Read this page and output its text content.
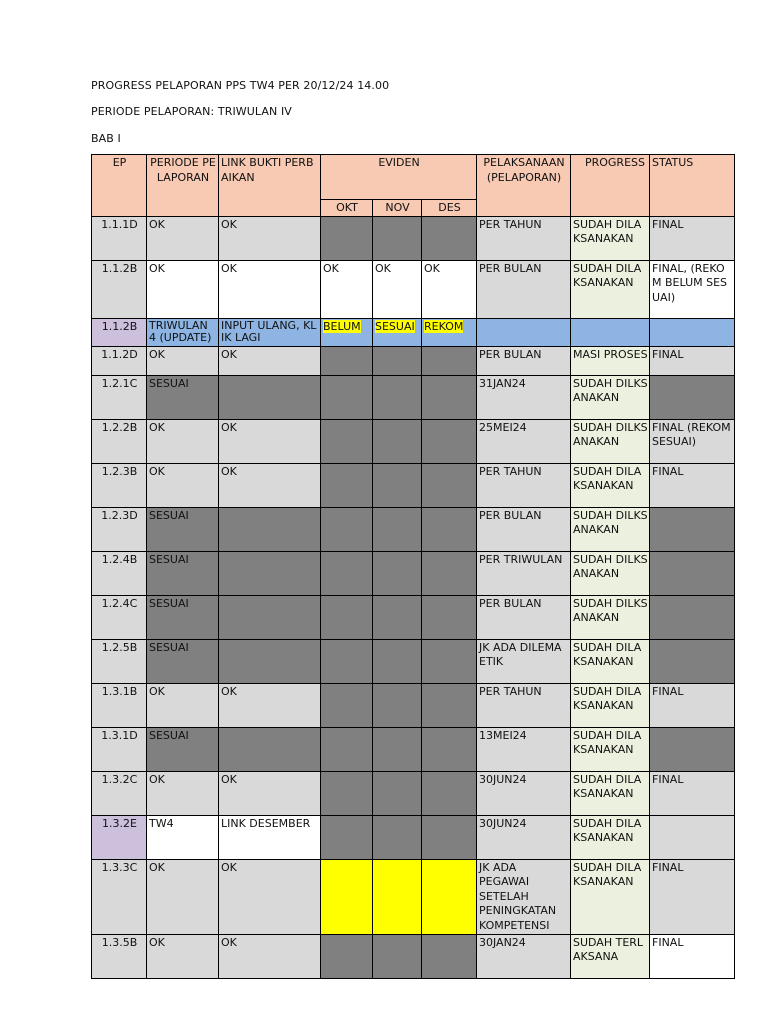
PROGRESS PELAPORAN PPS TW4 PER 20/12/24 14.00
PERIODE PELAPORAN: TRIWULAN IV
BAB I
EP	PERIODE PELAPORAN	LINK BUKTI PERBAIKAN	EVIDEN			PELAKSANAAN (PELAPORAN)	PROGRESS	STATUS
			OKT	NOV	DES			
1.1.1D	OK	OK				PER TAHUN	SUDAH DILAKSANAKAN	FINAL
1.1.2B	OK	OK	OK	OK	OK	PER BULAN	SUDAH DILAKSANAKAN	FINAL, (REKOM BELUM SESUAI)
1.1.2B	TRIWULAN 4 (UPDATE)	INPUT ULANG, KLIK LAGI	BELUM	SESUAI	REKOM			
1.1.2D	OK	OK				PER BULAN	MASI PROSES	FINAL
1.2.1C	SESUAI					31JAN24	SUDAH DILKSANAKAN	
1.2.2B	OK	OK				25MEI24	SUDAH DILKSANAKAN	FINAL (REKOM SESUAI)
1.2.3B	OK	OK				PER TAHUN	SUDAH DILAKSANAKAN	FINAL
1.2.3D	SESUAI					PER BULAN	SUDAH DILKSANAKAN	
1.2.4B	SESUAI					PER TRIWULAN	SUDAH DILKSANAKAN	
1.2.4C	SESUAI					PER BULAN	SUDAH DILKSANAKAN	
1.2.5B	SESUAI					JK ADA DILEMA ETIK	SUDAH DILAKSANAKAN	
1.3.1B	OK	OK				PER TAHUN	SUDAH DILAKSANAKAN	FINAL
1.3.1D	SESUAI					13MEI24	SUDAH DILAKSANAKAN	
1.3.2C	OK	OK				30JUN24	SUDAH DILAKSANAKAN	FINAL
1.3.2E	TW4	LINK DESEMBER				30JUN24	SUDAH DILAKSANAKAN	
1.3.3C	OK	OK				JK ADA PEGAWAI SETELAH PENINGKATAN KOMPETENSI	SUDAH DILAKSANAKAN	FINAL
1.3.5B	OK	OK				30JAN24	SUDAH TERLAKSANA	FINAL
